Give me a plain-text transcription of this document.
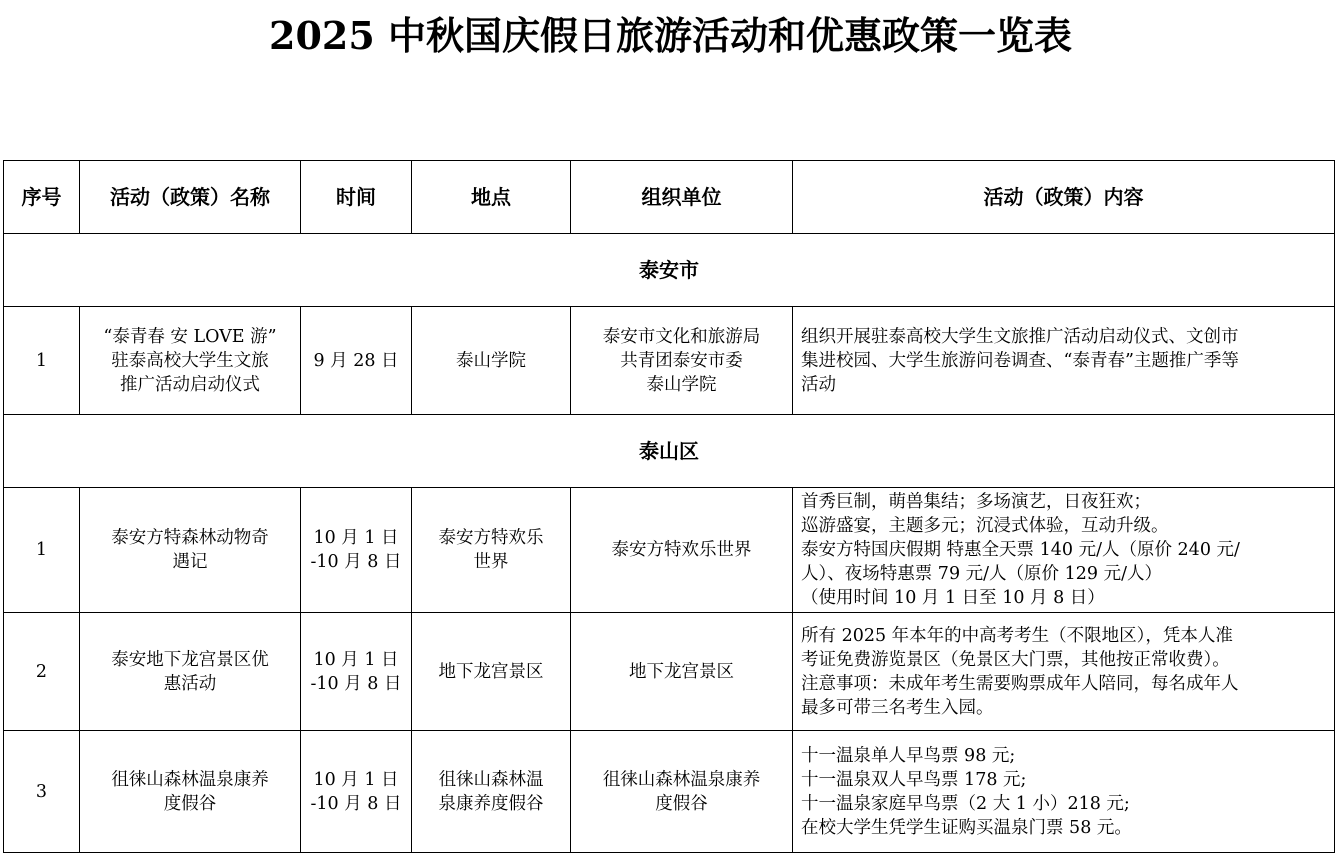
2025 中秋国庆假日旅游活动和优惠政策一览表
序号	活动（政策）名称	时间	地点	组织单位	活动（政策）内容
泰安市					
1	“泰青春 安 LOVE 游”
驻泰高校大学生文旅
推广活动启动仪式	9 月 28 日	泰山学院	泰安市文化和旅游局
共青团泰安市委
泰山学院	组织开展驻泰高校大学生文旅推广活动启动仪式、文创市
集进校园、大学生旅游问卷调查、“泰青春”主题推广季等
活动

泰山区					
1	泰安方特森林动物奇
遇记	10 月 1 日
-10 月 8 日	泰安方特欢乐
世界	泰安方特欢乐世界	首秀巨制，萌兽集结；多场演艺，日夜狂欢；
巡游盛宴，主题多元；沉浸式体验，互动升级。
泰安方特国庆假期 特惠全天票 140 元/人（原价 240 元/
人）、夜场特惠票 79 元/人（原价 129 元/人）
（使用时间 10 月 1 日至 10 月 8 日）

2	泰安地下龙宫景区优
惠活动	10 月 1 日
-10 月 8 日	地下龙宫景区	地下龙宫景区	所有 2025 年本年的中高考考生（不限地区），凭本人准
考证免费游览景区（免景区大门票，其他按正常收费）。
注意事项：未成年考生需要购票成年人陪同，每名成年人
最多可带三名考生入园。

3	徂徕山森林温泉康养
度假谷	10 月 1 日
-10 月 8 日	徂徕山森林温
泉康养度假谷	徂徕山森林温泉康养
度假谷	十一温泉单人早鸟票 98 元;
十一温泉双人早鸟票 178 元;
十一温泉家庭早鸟票（2 大 1 小）218 元;
在校大学生凭学生证购买温泉门票 58 元。
